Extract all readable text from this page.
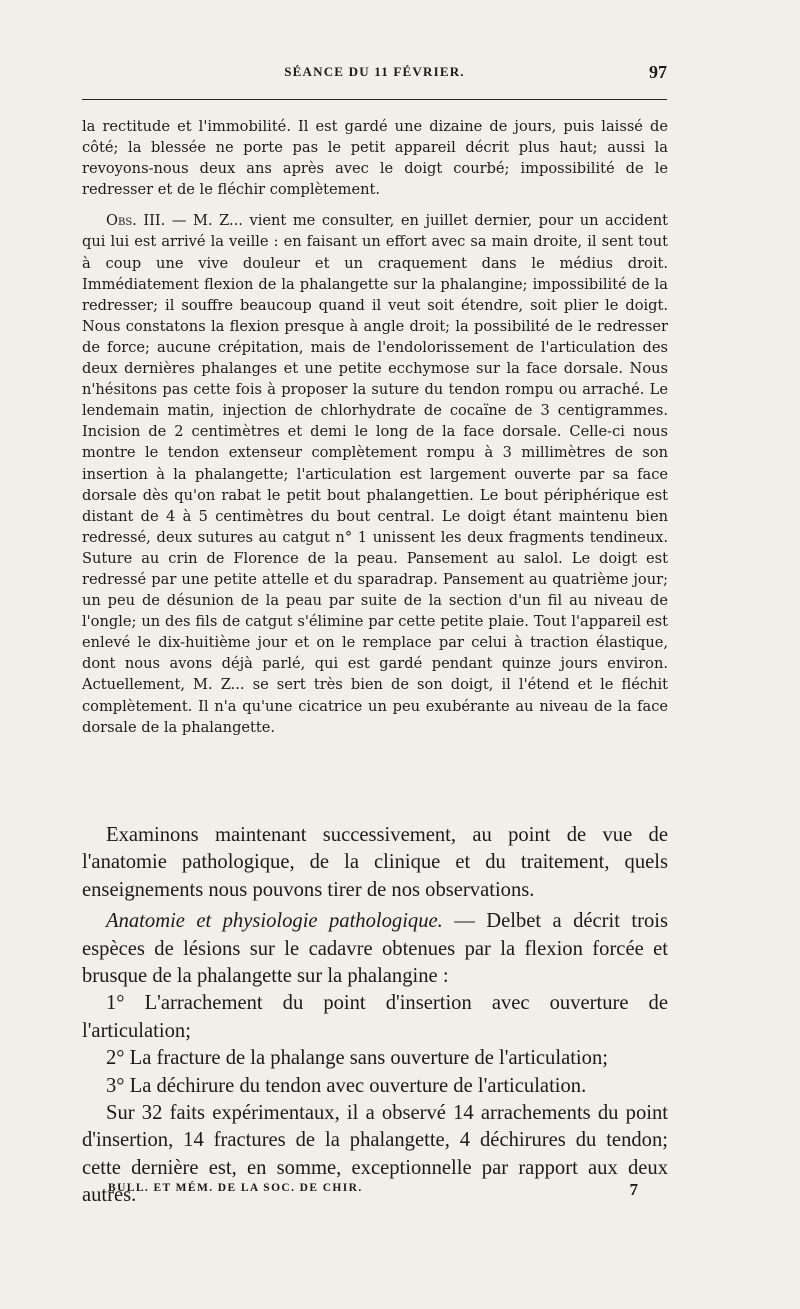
SÉANCE DU 11 FÉVRIER.	97

la rectitude et l'immobilité. Il est gardé une dizaine de jours, puis laissé de côté; la blessée ne porte pas le petit appareil décrit plus haut; aussi la revoyons-nous deux ans après avec le doigt courbé; impossibilité de le redresser et de le fléchir complètement.

Obs. III. — M. Z... vient me consulter, en juillet dernier, pour un accident qui lui est arrivé la veille : en faisant un effort avec sa main droite, il sent tout à coup une vive douleur et un craquement dans le médius droit. Immédiatement flexion de la phalangette sur la phalangine; impossibilité de la redresser; il souffre beaucoup quand il veut soit étendre, soit plier le doigt. Nous constatons la flexion presque à angle droit; la possibilité de le redresser de force; aucune crépitation, mais de l'endolorissement de l'articulation des deux dernières phalanges et une petite ecchymose sur la face dorsale. Nous n'hésitons pas cette fois à proposer la suture du tendon rompu ou arraché. Le lendemain matin, injection de chlorhydrate de cocaïne de 3 centigrammes. Incision de 2 centimètres et demi le long de la face dorsale. Celle-ci nous montre le tendon extenseur complètement rompu à 3 millimètres de son insertion à la phalangette; l'articulation est largement ouverte par sa face dorsale dès qu'on rabat le petit bout phalangettien. Le bout périphérique est distant de 4 à 5 centimètres du bout central. Le doigt étant maintenu bien redressé, deux sutures au catgut n° 1 unissent les deux fragments tendineux. Suture au crin de Florence de la peau. Pansement au salol. Le doigt est redressé par une petite attelle et du sparadrap. Pansement au quatrième jour; un peu de désunion de la peau par suite de la section d'un fil au niveau de l'ongle; un des fils de catgut s'élimine par cette petite plaie. Tout l'appareil est enlevé le dix-huitième jour et on le remplace par celui à traction élastique, dont nous avons déjà parlé, qui est gardé pendant quinze jours environ. Actuellement, M. Z... se sert très bien de son doigt, il l'étend et le fléchit complètement. Il n'a qu'une cicatrice un peu exubérante au niveau de la face dorsale de la phalangette.

Examinons maintenant successivement, au point de vue de l'anatomie pathologique, de la clinique et du traitement, quels enseignements nous pouvons tirer de nos observations.

Anatomie et physiologie pathologique. — Delbet a décrit trois espèces de lésions sur le cadavre obtenues par la flexion forcée et brusque de la phalangette sur la phalangine :

1° L'arrachement du point d'insertion avec ouverture de l'articulation;

2° La fracture de la phalange sans ouverture de l'articulation;

3° La déchirure du tendon avec ouverture de l'articulation.

Sur 32 faits expérimentaux, il a observé 14 arrachements du point d'insertion, 14 fractures de la phalangette, 4 déchirures du tendon; cette dernière est, en somme, exceptionnelle par rapport aux deux autres.

BULL. ET MÉM. DE LA SOC. DE CHIR.	7
